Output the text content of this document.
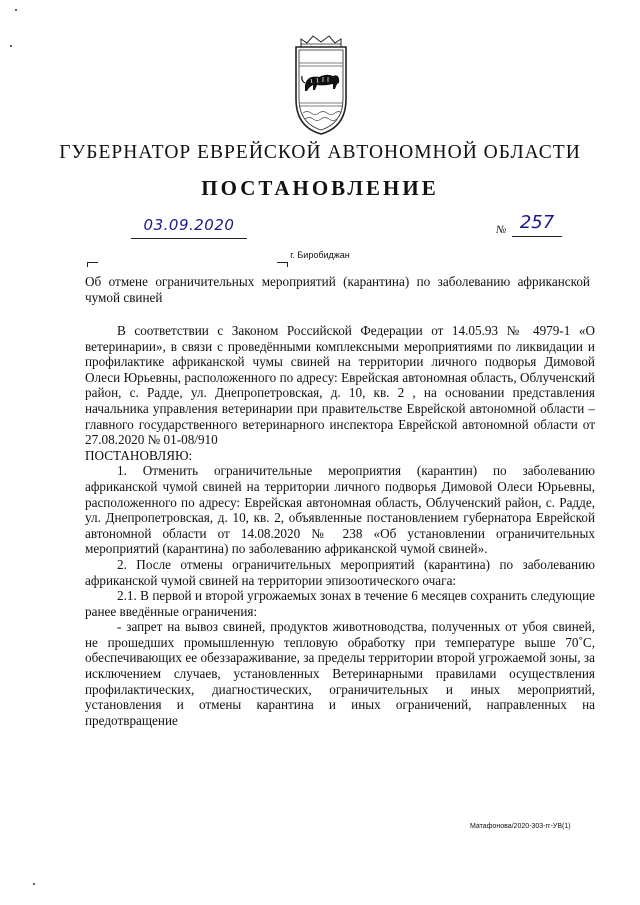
ГУБЕРНАТОР ЕВРЕЙСКОЙ АВТОНОМНОЙ ОБЛАСТИ
ПОСТАНОВЛЕНИЕ
03.09.2020	№ 257
г. Биробиджан
Об отмене ограничительных мероприятий (карантина) по заболеванию африканской чумой свиней

В соответствии с Законом Российской Федерации от 14.05.93 № 4979-1 «О ветеринарии», в связи с проведёнными комплексными мероприятиями по ликвидации и профилактике африканской чумы свиней на территории личного подворья Димовой Олеси Юрьевны, расположенного по адресу: Еврейская автономная область, Облученский район, с. Радде, ул. Днепропетровская, д. 10, кв. 2 , на основании представления начальника управления ветеринарии при правительстве Еврейской автономной области – главного государственного ветеринарного инспектора Еврейской автономной области от 27.08.2020 № 01-08/910

ПОСТАНОВЛЯЮ:

1. Отменить ограничительные мероприятия (карантин) по заболеванию африканской чумой свиней на территории личного подворья Димовой Олеси Юрьевны, расположенного по адресу: Еврейская автономная область, Облученский район, с. Радде, ул. Днепропетровская, д. 10, кв. 2, объявленные постановлением губернатора Еврейской автономной области от 14.08.2020 № 238 «Об установлении ограничительных мероприятий (карантина) по заболеванию африканской чумой свиней».

2. После отмены ограничительных мероприятий (карантина) по заболеванию африканской чумой свиней на территории эпизоотического очага:

2.1. В первой и второй угрожаемых зонах в течение 6 месяцев сохранить следующие ранее введённые ограничения:

- запрет на вывоз свиней, продуктов животноводства, полученных от убоя свиней, не прошедших промышленную тепловую обработку при температуре выше 70˚С, обеспечивающих ее обеззараживание, за пределы территории второй угрожаемой зоны, за исключением случаев, установленных Ветеринарными правилами осуществления профилактических, диагностических, ограничительных и иных мероприятий, установления и отмены карантина и иных ограничений, направленных на предотвращение

Матафонова/2020-303-гг-УВ(1)
